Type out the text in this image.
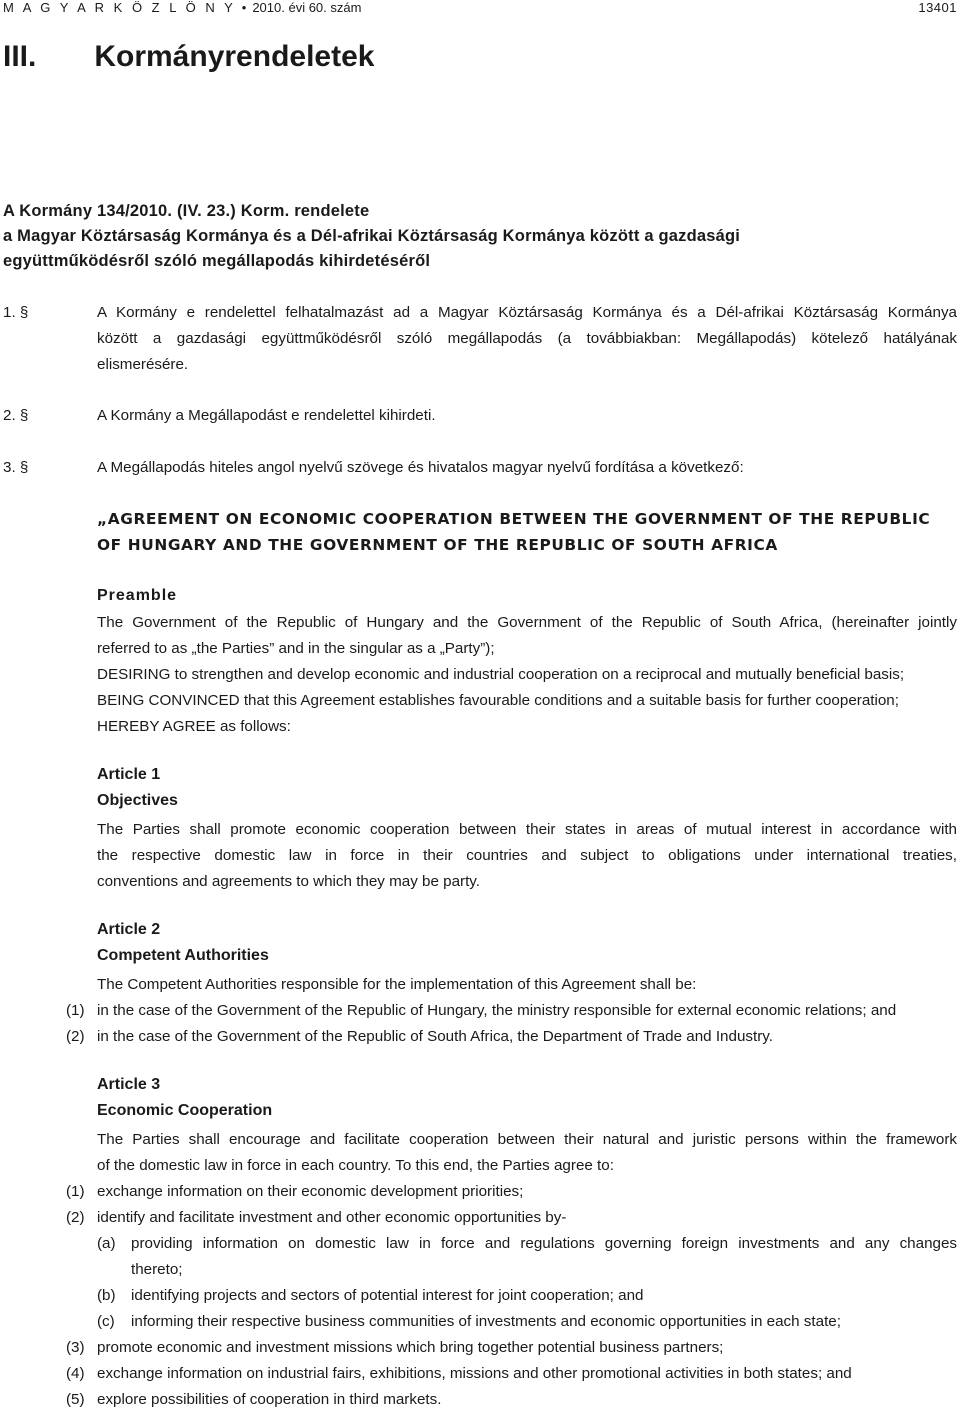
M A G Y A R K Ö Z L Ö N Y • 2010. évi 60. szám	13401
III. Kormányrendeletek
A Kormány 134/2010. (IV. 23.) Korm. rendelete
a Magyar Köztársaság Kormánya és a Dél-afrikai Köztársaság Kormánya között a gazdasági
együttműködésről szóló megállapodás kihirdetéséről
1. §	A Kormány e rendelettel felhatalmazást ad a Magyar Köztársaság Kormánya és a Dél-afrikai Köztársaság Kormánya
között a gazdasági együttműködésről szóló megállapodás (a továbbiakban: Megállapodás) kötelező hatályának
elismerésére.
2. §	A Kormány a Megállapodást e rendelettel kihirdeti.
3. §	A Megállapodás hiteles angol nyelvű szövege és hivatalos magyar nyelvű fordítása a következő:
„AGREEMENT ON ECONOMIC COOPERATION BETWEEN THE GOVERNMENT OF THE REPUBLIC
OF HUNGARY AND THE GOVERNMENT OF THE REPUBLIC OF SOUTH AFRICA
Preamble
The Government of the Republic of Hungary and the Government of the Republic of South Africa, (hereinafter jointly
referred to as „the Parties” and in the singular as a „Party”);
DESIRING to strengthen and develop economic and industrial cooperation on a reciprocal and mutually beneficial basis;
BEING CONVINCED that this Agreement establishes favourable conditions and a suitable basis for further cooperation;
HEREBY AGREE as follows:
Article 1
Objectives
The Parties shall promote economic cooperation between their states in areas of mutual interest in accordance with
the respective domestic law in force in their countries and subject to obligations under international treaties,
conventions and agreements to which they may be party.
Article 2
Competent Authorities
The Competent Authorities responsible for the implementation of this Agreement shall be:
(1) in the case of the Government of the Republic of Hungary, the ministry responsible for external economic relations; and
(2) in the case of the Government of the Republic of South Africa, the Department of Trade and Industry.
Article 3
Economic Cooperation
The Parties shall encourage and facilitate cooperation between their natural and juristic persons within the framework
of the domestic law in force in each country. To this end, the Parties agree to:
(1) exchange information on their economic development priorities;
(2) identify and facilitate investment and other economic opportunities by-
(a) providing information on domestic law in force and regulations governing foreign investments and any changes
thereto;
(b) identifying projects and sectors of potential interest for joint cooperation; and
(c) informing their respective business communities of investments and economic opportunities in each state;
(3) promote economic and investment missions which bring together potential business partners;
(4) exchange information on industrial fairs, exhibitions, missions and other promotional activities in both states; and
(5) explore possibilities of cooperation in third markets.
